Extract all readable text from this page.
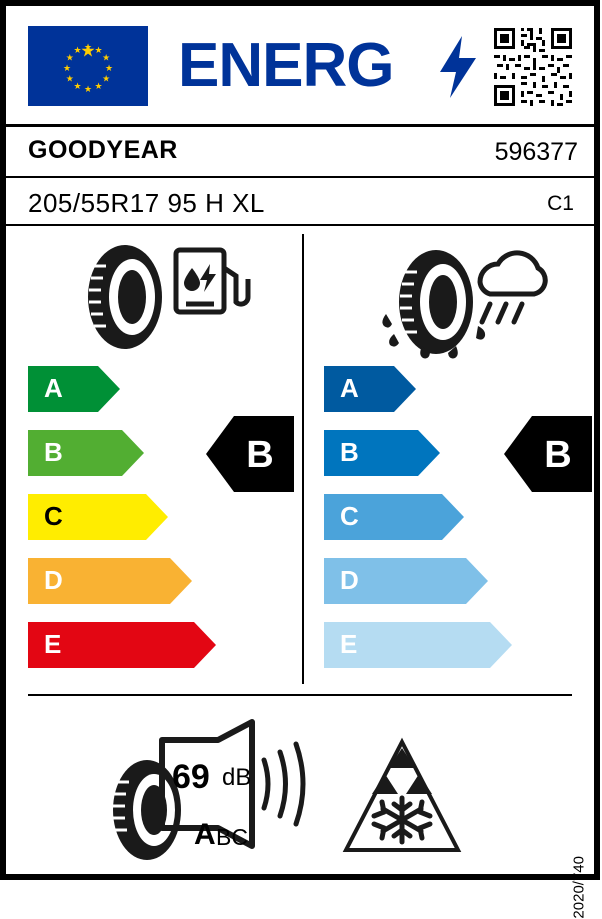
★ ★
★
★
★
★
★
★
★
★
★
★ ENERG
GOODYEAR	596377
205/55R17 95 H XL	C1
A
B
C
D
E
B
A
B
C
D
E
B
69 dB
A BC
2020/740
